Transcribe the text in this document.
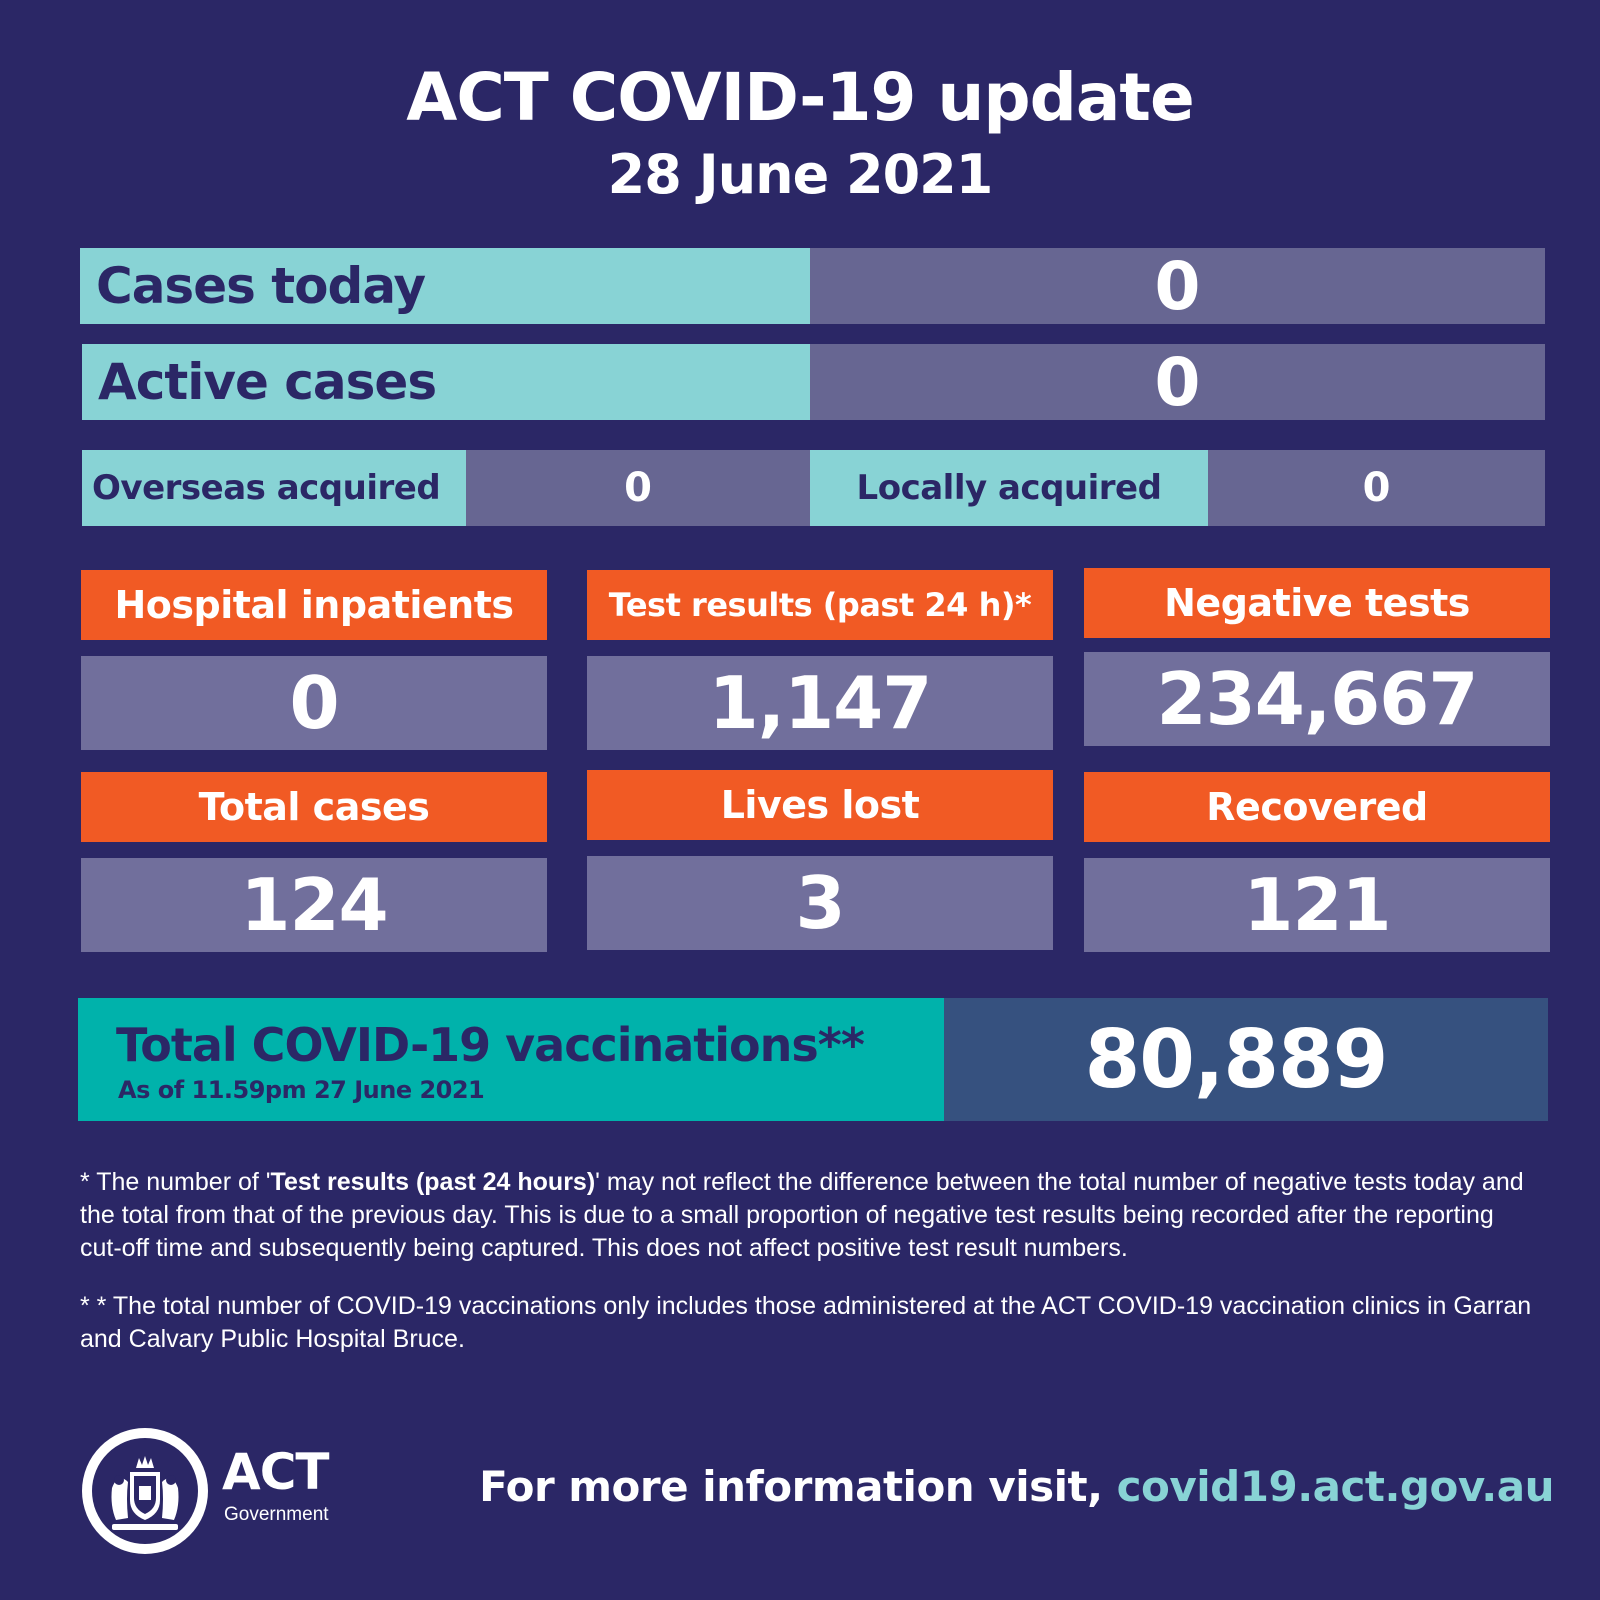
ACT COVID-19 update
28 June 2021
Cases today	0
Active cases	0
Overseas acquired	0	Locally acquired	0
Hospital inpatients
0
Test results (past 24 h)*
1,147
Negative tests
234,667
Total cases
124
Lives lost
3
Recovered
121
Total COVID-19 vaccinations**
As of 11.59pm 27 June 2021	80,889
* The number of 'Test results (past 24 hours)' may not reflect the difference between the total number of negative tests today and the total from that of the previous day. This is due to a small proportion of negative test results being recorded after the reporting cut-off time and subsequently being captured. This does not affect positive test result numbers.
* * The total number of COVID-19 vaccinations only includes those administered at the ACT COVID-19 vaccination clinics in Garran and Calvary Public Hospital Bruce.
ACT
Government
For more information visit, covid19.act.gov.au
